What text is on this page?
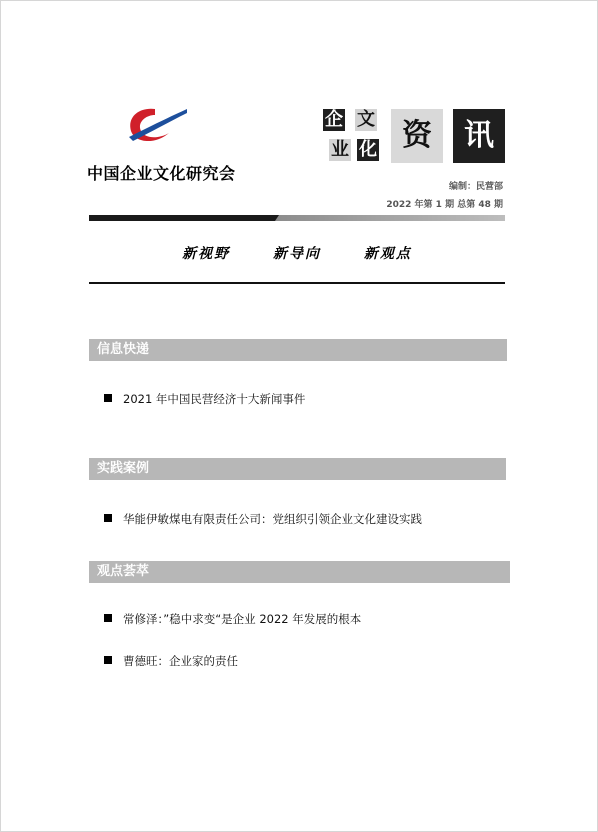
中国企业文化研究会
企 文
业 化 资	讯
编制：民营部
2022 年第 1 期 总第 48 期
新视野	新导向	新观点
信息快递
2021 年中国民营经济十大新闻事件
实践案例
华能伊敏煤电有限责任公司：党组织引领企业文化建设实践
观点荟萃
常修泽：”稳中求变“是企业 2022 年发展的根本
曹德旺：企业家的责任
